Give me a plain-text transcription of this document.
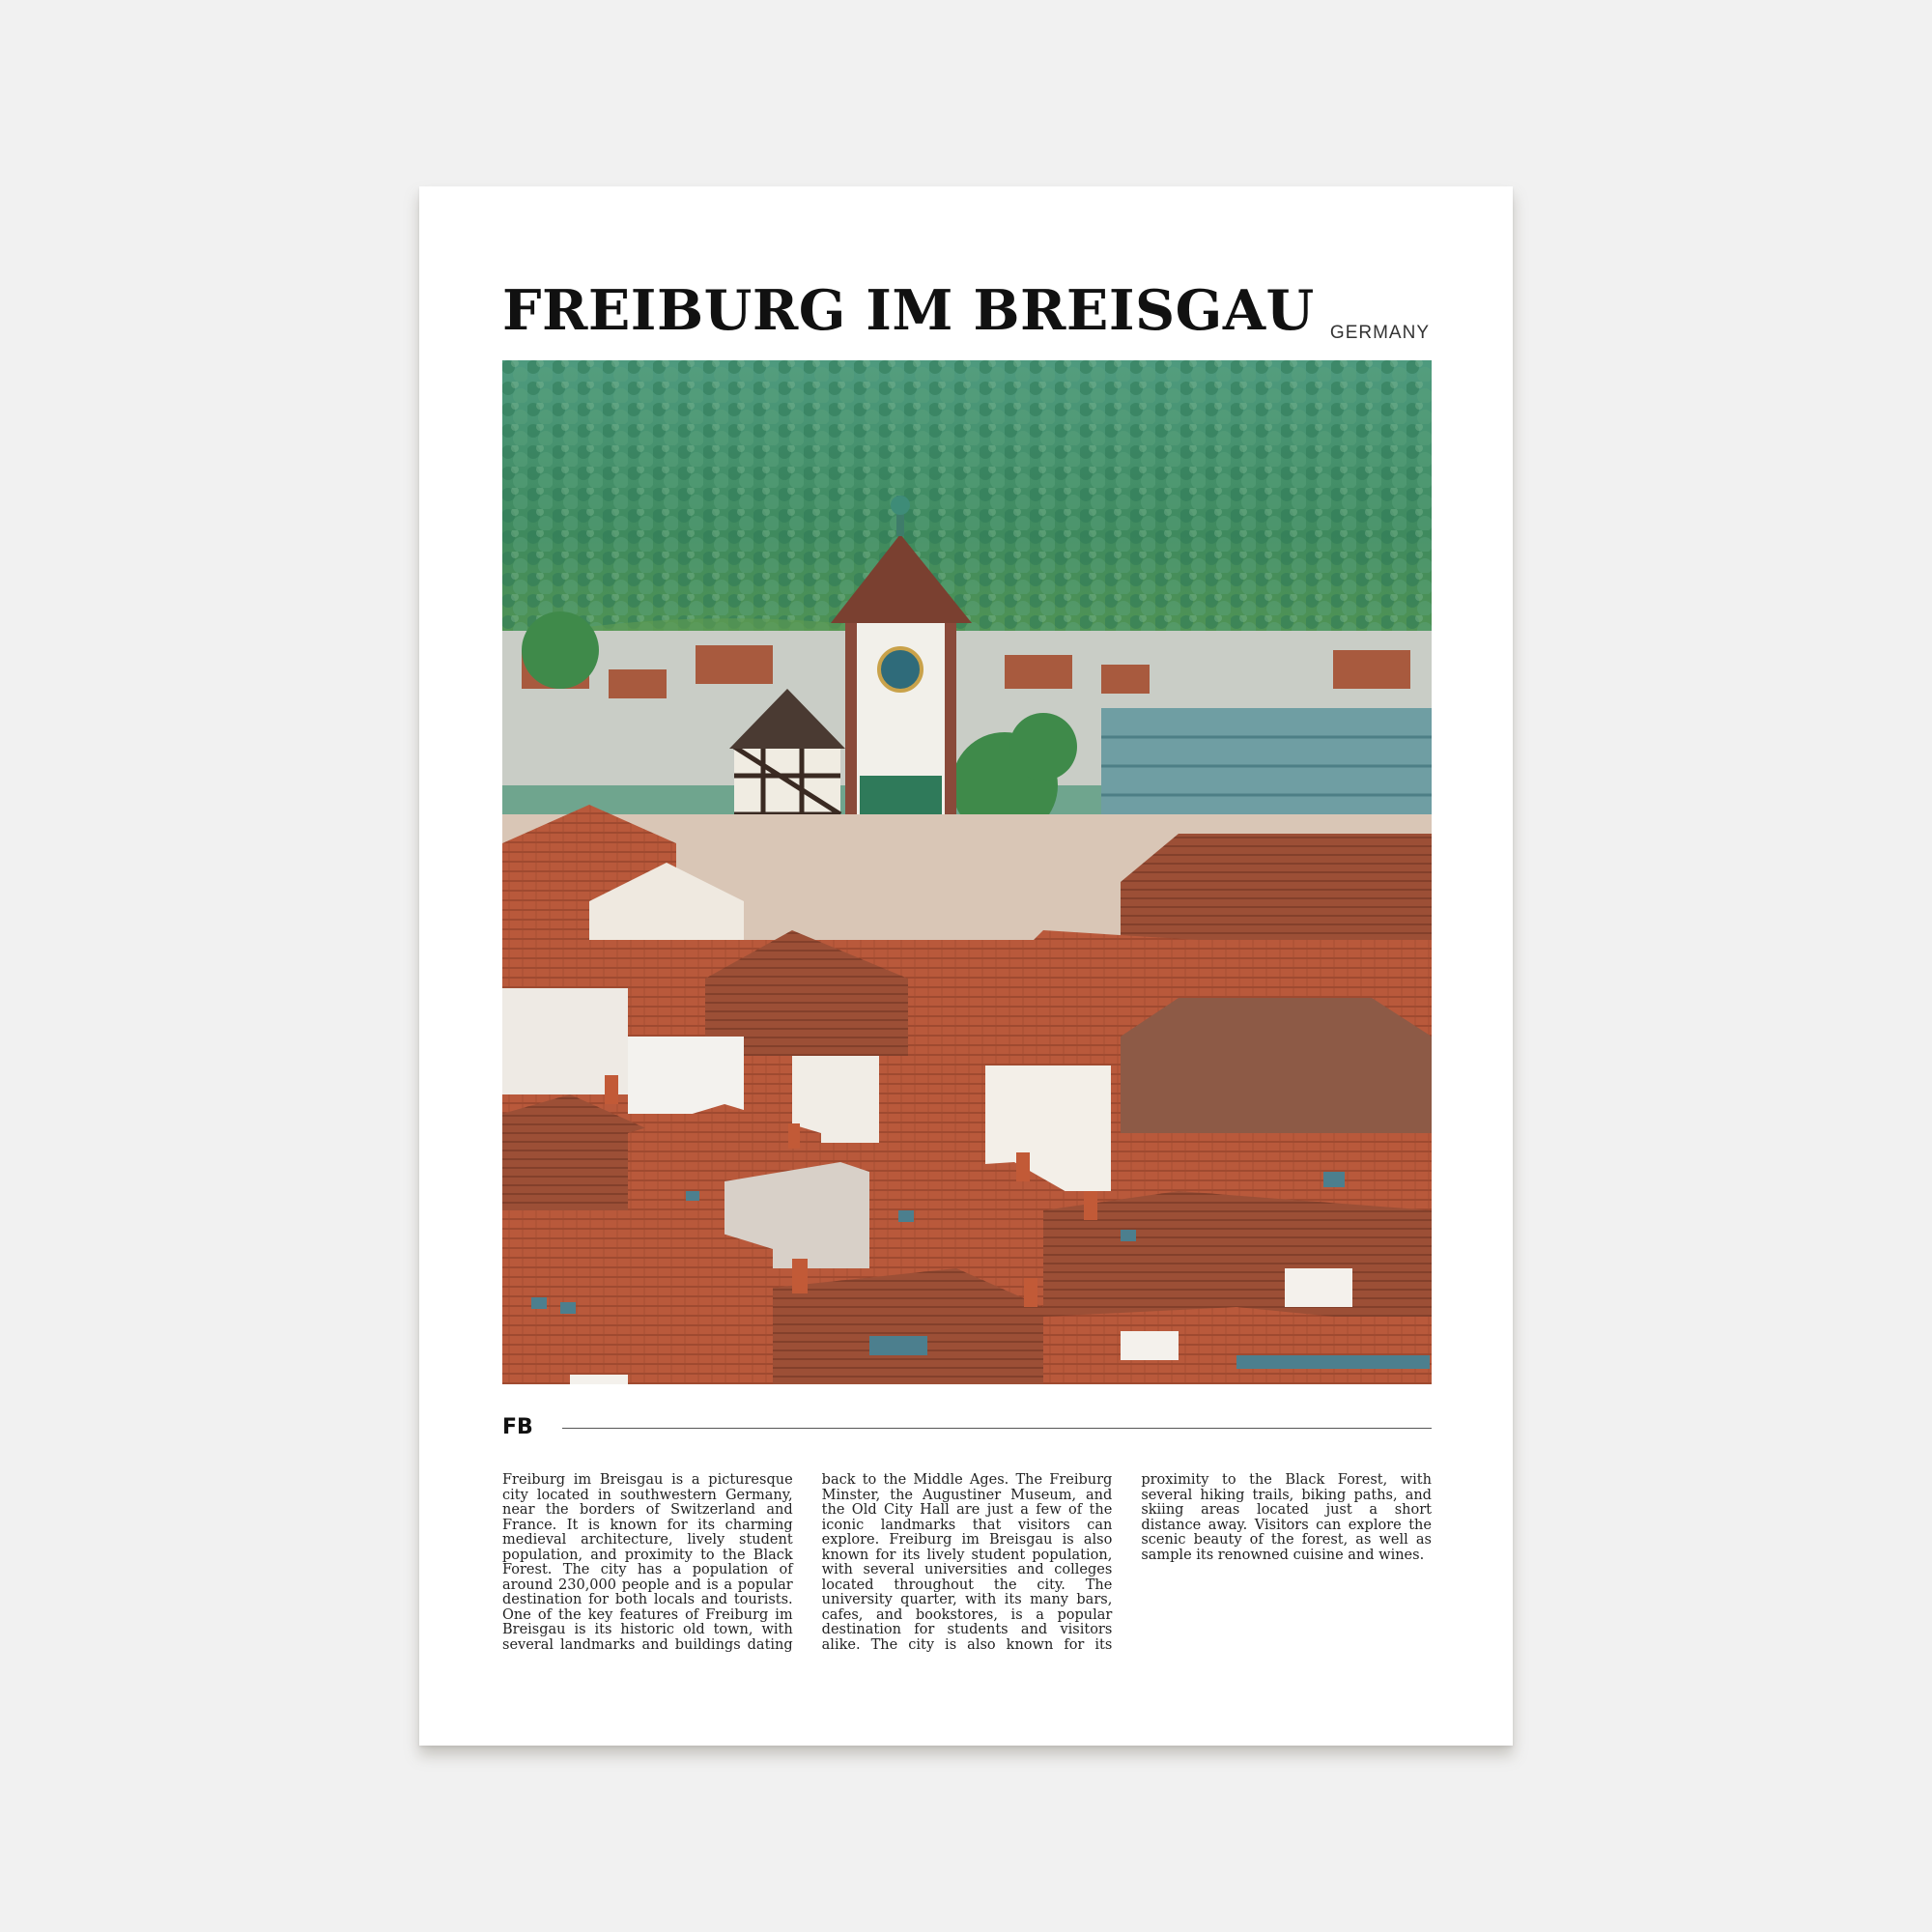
FREIBURG IM BREISGAU GERMANY
FB

Freiburg im Breisgau is a picturesque city located in southwestern Germany, near the borders of Switzerland and France. It is known for its charming medieval architecture, lively student population, and proximity to the Black Forest. The city has a population of around 230,000 people and is a popular destination for both locals and tourists. One of the key features of Freiburg im Breisgau is its historic old town, with several landmarks and buildings dating back to the Middle Ages. The Freiburg Minster, the Augustiner Museum, and the Old City Hall are just a few of the iconic landmarks that visitors can explore. Freiburg im Breisgau is also known for its lively student population, with several universities and colleges located throughout the city. The university quarter, with its many bars, cafes, and bookstores, is a popular destination for students and visitors alike. The city is also known for its proximity to the Black Forest, with several hiking trails, biking paths, and skiing areas located just a short distance away. Visitors can explore the scenic beauty of the forest, as well as sample its renowned cuisine and wines.
